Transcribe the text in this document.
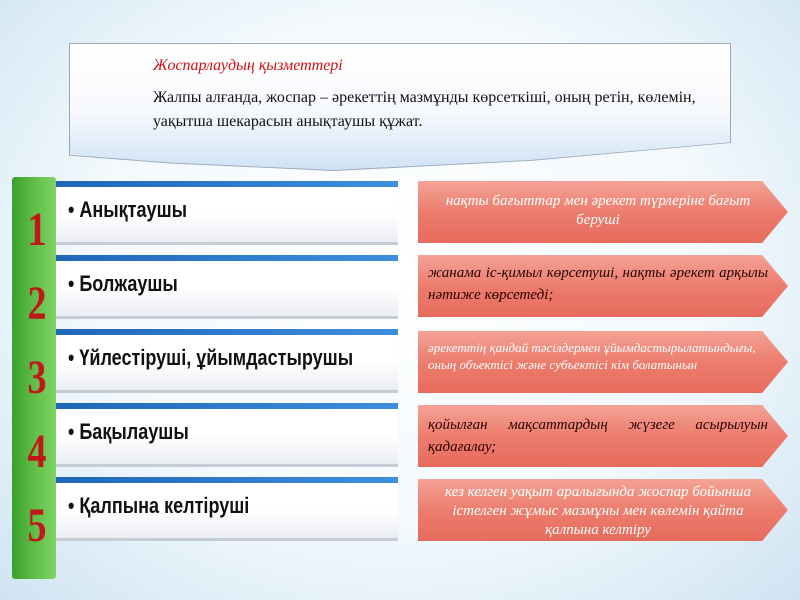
Жоспарлаудың қызметтері
Жалпы алғанда, жоспар – әрекеттің мазмұнды көрсеткіші, оның ретін, көлемін, уақытша шекарасын анықтаушы құжат.
1
2
3
4
5
• Анықтаушы
• Болжаушы
• Үйлестіруші, ұйымдастырушы
• Бақылаушы
• Қалпына келтіруші
нақты бағыттар мен әрекет түрлеріне бағыт беруші
жанама іс-қимыл көрсетуші, нақты әрекет арқылы нәтиже көрсетеді;
әрекеттің қандай тәсілдермен ұйымдастырылатындығы, оның объектісі және субъектісі кім болатынын
қойылған мақсаттардың жүзеге асырылуын қадағалау;
кез келген уақыт аралығында жоспар бойынша істелген жұмыс мазмұны мен көлемін қайта қалпына келтіру
